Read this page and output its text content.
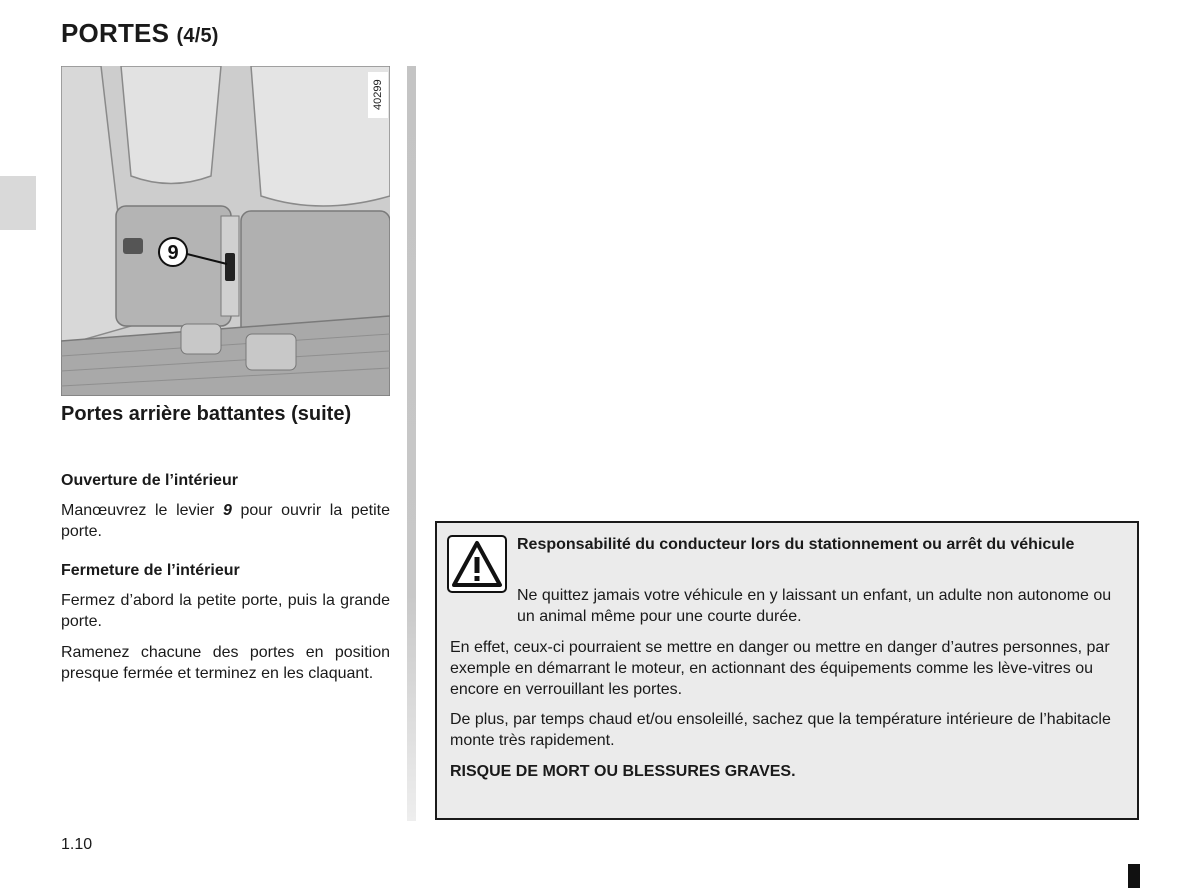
PORTES (4/5)
9
40299
Portes arrière battantes (suite)
Ouverture de l’intérieur
Manœuvrez le levier 9 pour ouvrir la petite porte.
Fermeture de l’intérieur
Fermez d’abord la petite porte, puis la grande porte.
Ramenez chacune des portes en position presque fermée et terminez en les claquant.
Responsabilité du conducteur lors du stationnement ou arrêt du véhicule
Ne quittez jamais votre véhicule en y laissant un enfant, un adulte non autonome ou un animal même pour une courte durée.
En effet, ceux-ci pourraient se mettre en danger ou mettre en danger d’autres personnes, par exemple en démarrant le moteur, en actionnant des équipements comme les lève-vitres ou encore en verrouillant les portes.
De plus, par temps chaud et/ou ensoleillé, sachez que la température intérieure de l’habitacle monte très rapidement.
RISQUE DE MORT OU BLESSURES GRAVES.
1.10
